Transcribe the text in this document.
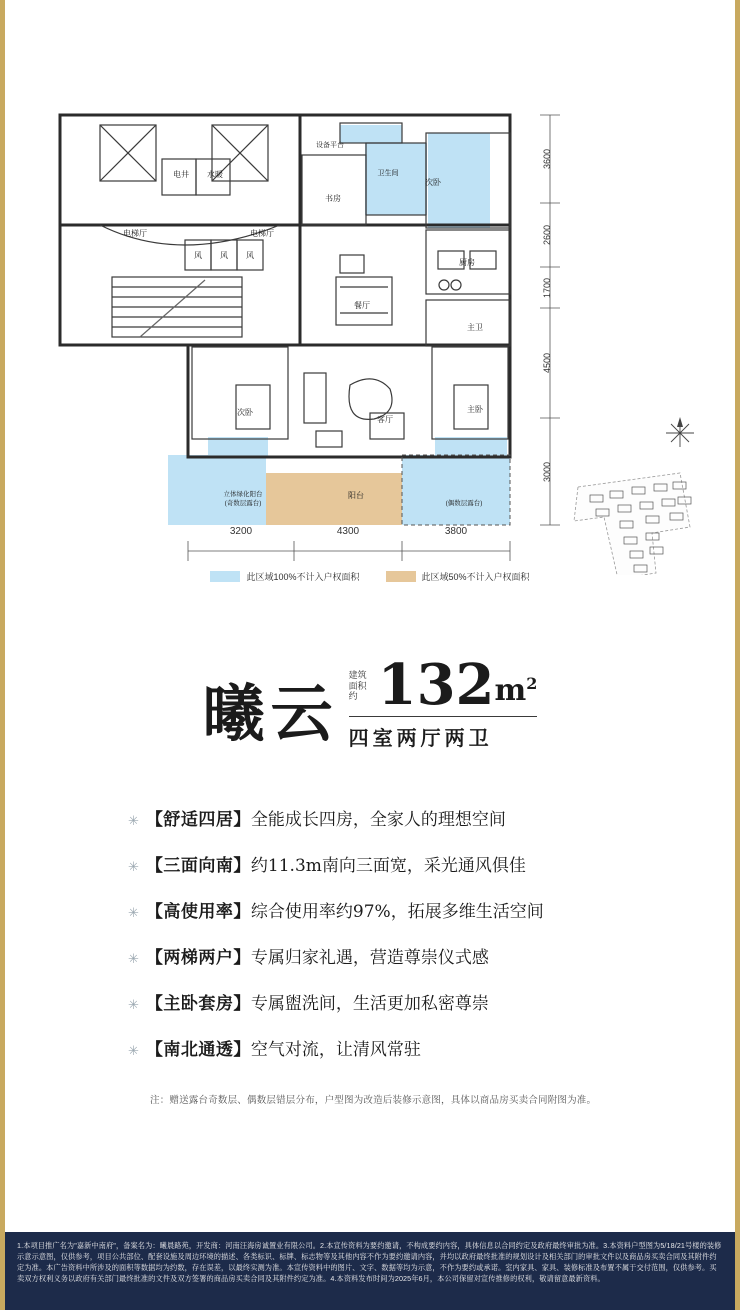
电井 水暖
电梯厅	电梯厅
风 风 风
设备平台
书房
卫生间
次卧
厨房
餐厅
主卫
次卧
客厅
主卧
阳台
立体绿化阳台
(奇数层露台)	(偶数层露台)
3600
2600
1700
4500
3000
3200	4300	3800
此区域100%不计入户权面积	此区域50%不计入户权面积
曦云
建筑
面积约 132 $m^2$
四室两厅两卫
✳ 【舒适四居】全能成长四房，全家人的理想空间
✳ 【三面向南】约11.3m南向三面宽，采光通风俱佳
✳ 【高使用率】综合使用率约97%，拓展多维生活空间
✳ 【两梯两户】专属归家礼遇，营造尊崇仪式感
✳ 【主卧套房】专属盥洗间，生活更加私密尊崇
✳ 【南北通透】空气对流，让清风常驻
注：赠送露台奇数层、偶数层错层分布，户型图为改造后装修示意图，具体以商品房买卖合同附图为准。
1.本项目推广名为"嘉新中南府"，备案名为：曦晨路苑，开发商：河南汪海房诚置业有限公司。2.本宣传资料为要约邀请，不构成要约内容，具体信息以合同约定及政府最终审批为准。3.本资料户型图为5/18/21号楼的装修示意示意图，仅供参考，项目公共部位、配套设施及周边环境的描述、各类标识、标牌、标志物等及其他内容不作为要约邀请内容，并均以政府最终批准的规划设计及相关部门的审批文件以及商品房买卖合同及其附件约定为准。本广告资料中所涉及的面积等数据均为约数，存在误差，以最终实测为准。本宣传资料中的图片、文字、数据等均为示意，不作为要约或承诺。室内家具、家具、装修标准及布置不属于交付范围，仅供参考。买卖双方权利义务以政府有关部门最终批准的文件及双方签署的商品房买卖合同及其附件约定为准。4.本资料发布时间为2025年6月，本公司保留对宣传推修的权利，敬请留意最新资料。
